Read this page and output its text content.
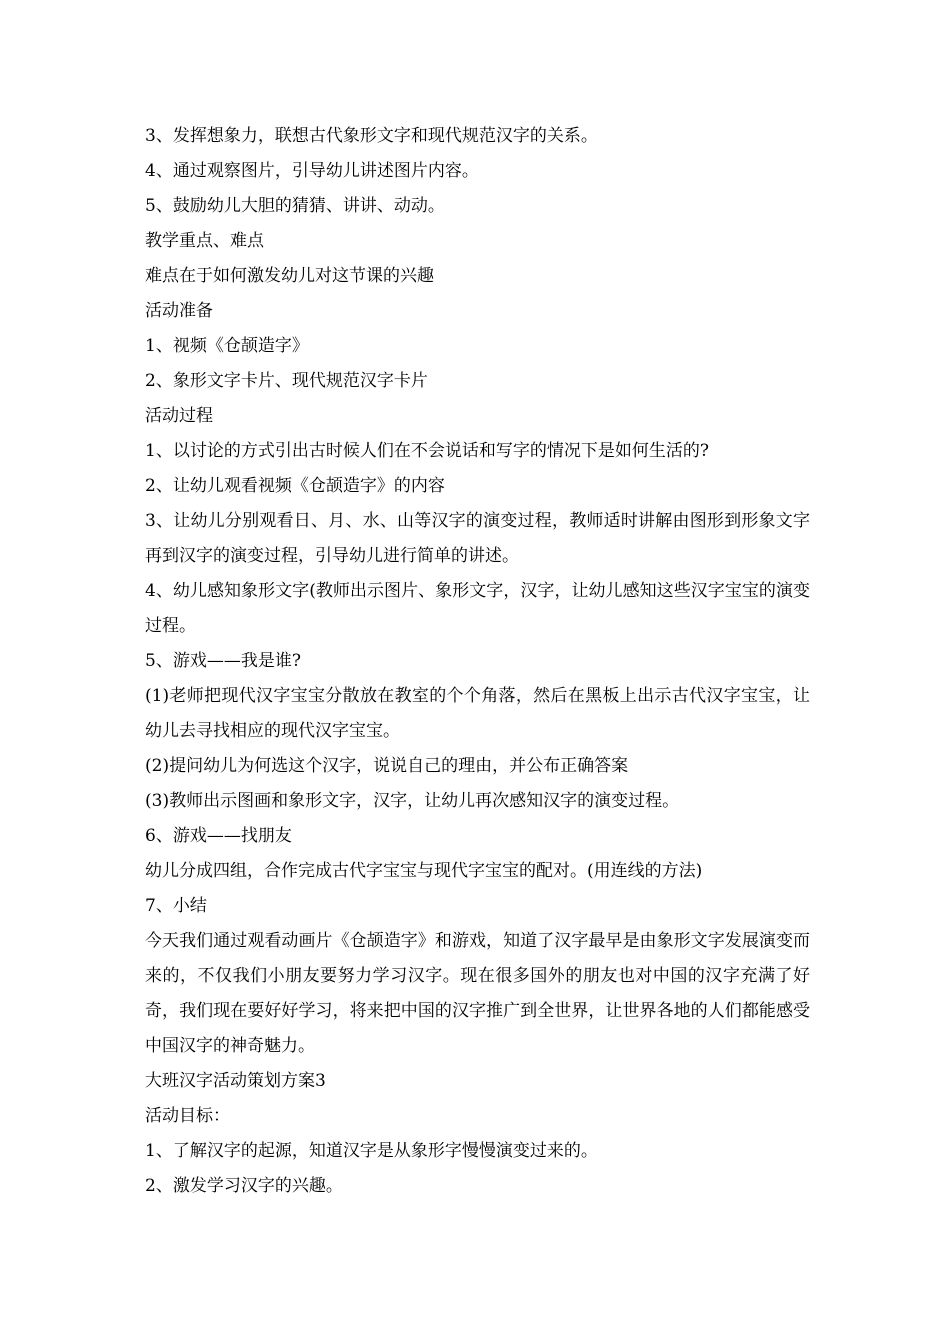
3、发挥想象力，联想古代象形文字和现代规范汉字的关系。

4、通过观察图片，引导幼儿讲述图片内容。

5、鼓励幼儿大胆的猜猜、讲讲、动动。

教学重点、难点

难点在于如何激发幼儿对这节课的兴趣

活动准备

1、视频《仓颉造字》

2、象形文字卡片、现代规范汉字卡片

活动过程

1、以讨论的方式引出古时候人们在不会说话和写字的情况下是如何生活的?

2、让幼儿观看视频《仓颉造字》的内容

3、让幼儿分别观看日、月、水、山等汉字的演变过程，教师适时讲解由图形到形象文字再到汉字的演变过程，引导幼儿进行简单的讲述。

4、幼儿感知象形文字(教师出示图片、象形文字，汉字，让幼儿感知这些汉字宝宝的演变过程。

5、游戏——我是谁?

(1)老师把现代汉字宝宝分散放在教室的个个角落，然后在黑板上出示古代汉字宝宝，让幼儿去寻找相应的现代汉字宝宝。

(2)提问幼儿为何选这个汉字，说说自己的理由，并公布正确答案

(3)教师出示图画和象形文字，汉字，让幼儿再次感知汉字的演变过程。

6、游戏——找朋友

幼儿分成四组，合作完成古代字宝宝与现代字宝宝的配对。(用连线的方法)

7、小结

今天我们通过观看动画片《仓颉造字》和游戏，知道了汉字最早是由象形文字发展演变而来的，不仅我们小朋友要努力学习汉字。现在很多国外的朋友也对中国的汉字充满了好奇，我们现在要好好学习，将来把中国的汉字推广到全世界，让世界各地的人们都能感受中国汉字的神奇魅力。

大班汉字活动策划方案3

活动目标：

1、了解汉字的起源，知道汉字是从象形字慢慢演变过来的。

2、激发学习汉字的兴趣。
